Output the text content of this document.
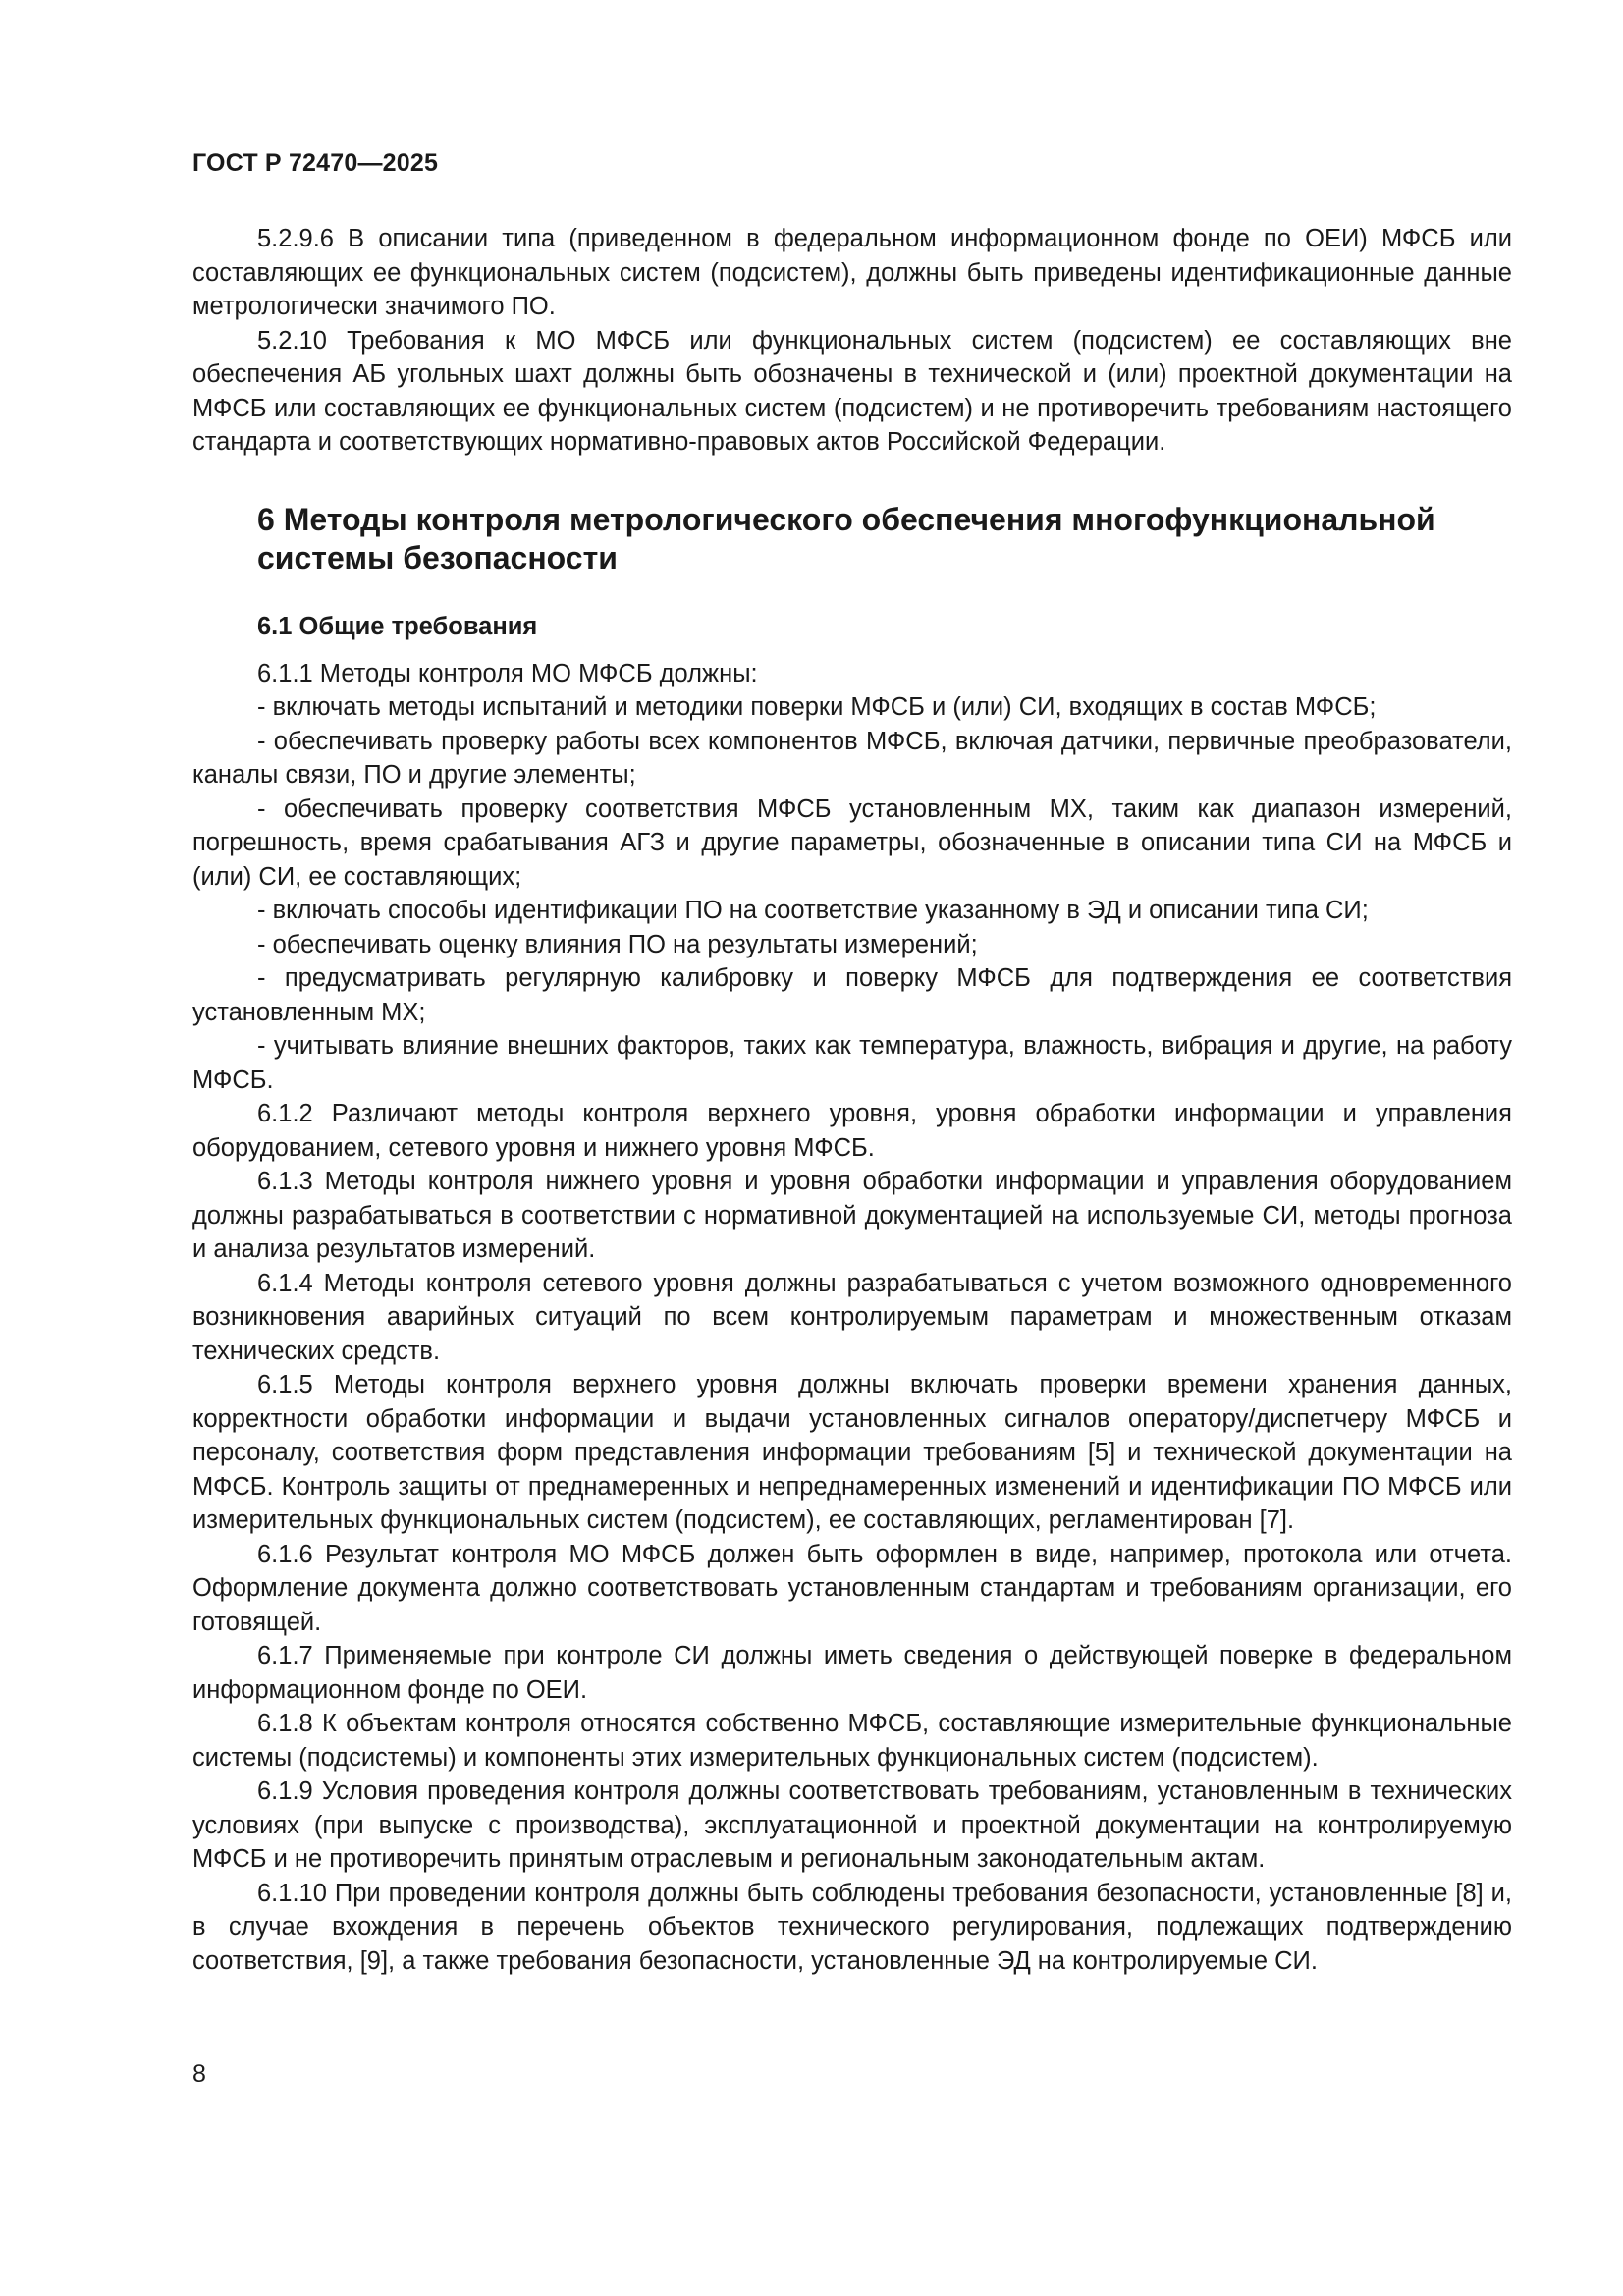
ГОСТ Р 72470—2025

5.2.9.6 В описании типа (приведенном в федеральном информационном фонде по ОЕИ) МФСБ или составляющих ее функциональных систем (подсистем), должны быть приведены идентификационные данные метрологически значимого ПО.

5.2.10 Требования к МО МФСБ или функциональных систем (подсистем) ее составляющих вне обеспечения АБ угольных шахт должны быть обозначены в технической и (или) проектной документации на МФСБ или составляющих ее функциональных систем (подсистем) и не противоречить требованиям настоящего стандарта и соответствующих нормативно-правовых актов Российской Федерации.

6 Методы контроля метрологического обеспечения многофункциональной системы безопасности
6.1 Общие требования

6.1.1 Методы контроля МО МФСБ должны:

- включать методы испытаний и методики поверки МФСБ и (или) СИ, входящих в состав МФСБ;

- обеспечивать проверку работы всех компонентов МФСБ, включая датчики, первичные преобразователи, каналы связи, ПО и другие элементы;

- обеспечивать проверку соответствия МФСБ установленным МХ, таким как диапазон измерений, погрешность, время срабатывания АГЗ и другие параметры, обозначенные в описании типа СИ на МФСБ и (или) СИ, ее составляющих;

- включать способы идентификации ПО на соответствие указанному в ЭД и описании типа СИ;

- обеспечивать оценку влияния ПО на результаты измерений;

- предусматривать регулярную калибровку и поверку МФСБ для подтверждения ее соответствия установленным МХ;

- учитывать влияние внешних факторов, таких как температура, влажность, вибрация и другие, на работу МФСБ.

6.1.2 Различают методы контроля верхнего уровня, уровня обработки информации и управления оборудованием, сетевого уровня и нижнего уровня МФСБ.

6.1.3 Методы контроля нижнего уровня и уровня обработки информации и управления оборудованием должны разрабатываться в соответствии с нормативной документацией на используемые СИ, методы прогноза и анализа результатов измерений.

6.1.4 Методы контроля сетевого уровня должны разрабатываться с учетом возможного одновременного возникновения аварийных ситуаций по всем контролируемым параметрам и множественным отказам технических средств.

6.1.5 Методы контроля верхнего уровня должны включать проверки времени хранения данных, корректности обработки информации и выдачи установленных сигналов оператору/диспетчеру МФСБ и персоналу, соответствия форм представления информации требованиям [5] и технической документации на МФСБ. Контроль защиты от преднамеренных и непреднамеренных изменений и идентификации ПО МФСБ или измерительных функциональных систем (подсистем), ее составляющих, регламентирован [7].

6.1.6 Результат контроля МО МФСБ должен быть оформлен в виде, например, протокола или отчета. Оформление документа должно соответствовать установленным стандартам и требованиям организации, его готовящей.

6.1.7 Применяемые при контроле СИ должны иметь сведения о действующей поверке в федеральном информационном фонде по ОЕИ.

6.1.8 К объектам контроля относятся собственно МФСБ, составляющие измерительные функциональные системы (подсистемы) и компоненты этих измерительных функциональных систем (подсистем).

6.1.9 Условия проведения контроля должны соответствовать требованиям, установленным в технических условиях (при выпуске с производства), эксплуатационной и проектной документации на контролируемую МФСБ и не противоречить принятым отраслевым и региональным законодательным актам.

6.1.10 При проведении контроля должны быть соблюдены требования безопасности, установленные [8] и, в случае вхождения в перечень объектов технического регулирования, подлежащих подтверждению соответствия, [9], а также требования безопасности, установленные ЭД на контролируемые СИ.

8
